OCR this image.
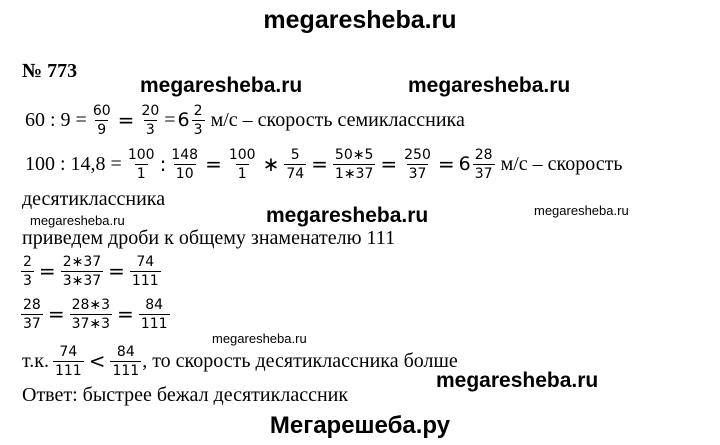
megaresheba.ru
Мегарешеба.ру
№ 773
megaresheba.ru	megaresheba.ru
megaresheba.ru	megaresheba.ru	megaresheba.ru
megaresheba.ru
megaresheba.ru
60 : $9 = \frac{60}{9} = \frac{20}{3} = 6 \frac{2}{3} м/с$ – скорость семиклассника
100 : $14,8 = \frac{100}{1}$ : $\frac{148}{10} = \frac{100}{1}$ ∗ $\frac{5}{74} = \frac{50∗5}{1∗37} = \frac{250}{37} = 6 \frac{28}{37} м/с$ – скорость
десятиклассника
приведем дроби к общему знаменателю 111
$\frac{2}{3} = \frac{2∗37}{3∗37} = \frac{74}{111}$
$\frac{28}{37} = \frac{28∗3}{37∗3} = \frac{84}{111}$
т.к. $\frac{74}{111} < \frac{84}{111}$ , то скорость десятиклассника болше
Ответ: быстрее бежал десятиклассник
